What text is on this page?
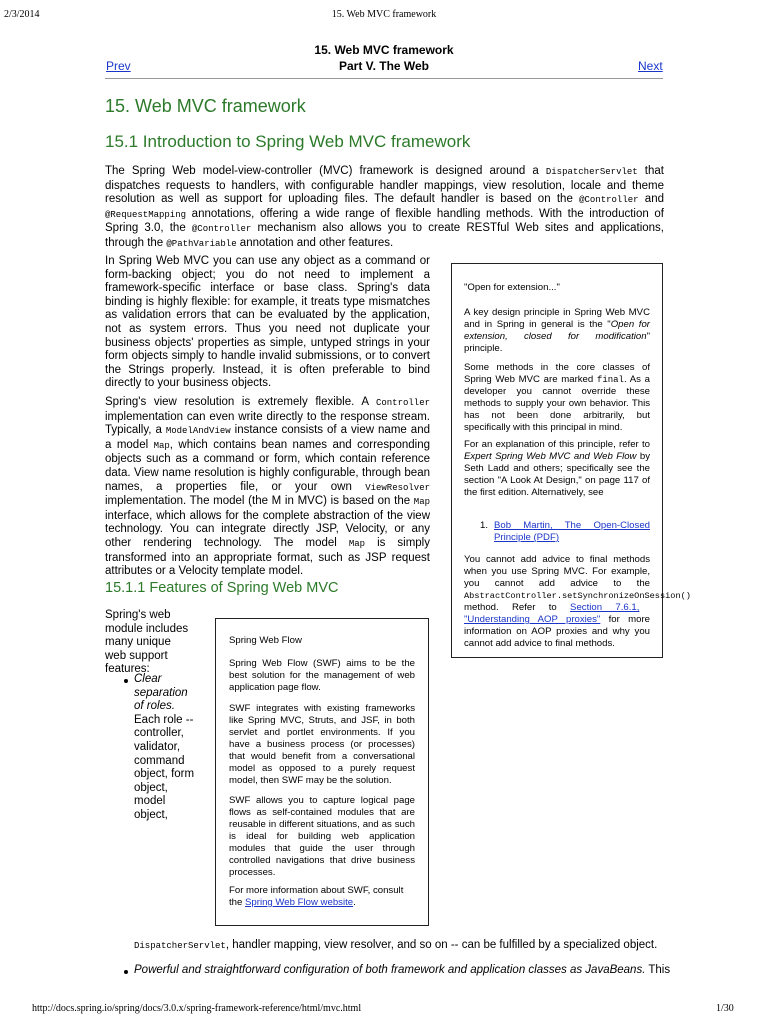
2/3/2014	15. Web MVC framework
15. Web MVC framework
Part V. The Web
Prev	Next
15. Web MVC framework
15.1 Introduction to Spring Web MVC framework
The Spring Web model-view-controller (MVC) framework is designed around a DispatcherServlet that dispatches requests to handlers, with configurable handler mappings, view resolution, locale and theme resolution as well as support for uploading files. The default handler is based on the @Controller and @RequestMapping annotations, offering a wide range of flexible handling methods. With the introduction of Spring 3.0, the @Controller mechanism also allows you to create RESTful Web sites and applications, through the @PathVariable annotation and other features.
In Spring Web MVC you can use any object as a command or form-backing object; you do not need to implement a framework-specific interface or base class. Spring's data binding is highly flexible: for example, it treats type mismatches as validation errors that can be evaluated by the application, not as system errors. Thus you need not duplicate your business objects' properties as simple, untyped strings in your form objects simply to handle invalid submissions, or to convert the Strings properly. Instead, it is often preferable to bind directly to your business objects.
Spring's view resolution is extremely flexible. A Controller implementation can even write directly to the response stream. Typically, a ModelAndView instance consists of a view name and a model Map, which contains bean names and corresponding objects such as a command or form, which contain reference data. View name resolution is highly configurable, through bean names, a properties file, or your own ViewResolver implementation. The model (the M in MVC) is based on the Map interface, which allows for the complete abstraction of the view technology. You can integrate directly JSP, Velocity, or any other rendering technology. The model Map is simply transformed into an appropriate format, such as JSP request attributes or a Velocity template model.
"Open for extension..."
A key design principle in Spring Web MVC and in Spring in general is the "Open for extension, closed for modification" principle.
Some methods in the core classes of Spring Web MVC are marked final. As a developer you cannot override these methods to supply your own behavior. This has not been done arbitrarily, but specifically with this principal in mind.
For an explanation of this principle, refer to Expert Spring Web MVC and Web Flow by Seth Ladd and others; specifically see the section "A Look At Design," on page 117 of the first edition. Alternatively, see
1. Bob Martin, The Open-Closed Principle (PDF)
You cannot add advice to final methods when you use Spring MVC. For example, you cannot add advice to the AbstractController.setSynchronizeOnSession() method. Refer to Section 7.6.1, "Understanding AOP proxies" for more information on AOP proxies and why you cannot add advice to final methods.
15.1.1 Features of Spring Web MVC
Spring's web module includes many unique web support features:
Clear separation of roles. Each role -- controller, validator, command object, form object, model object,
Spring Web Flow
Spring Web Flow (SWF) aims to be the best solution for the management of web application page flow.
SWF integrates with existing frameworks like Spring MVC, Struts, and JSF, in both servlet and portlet environments. If you have a business process (or processes) that would benefit from a conversational model as opposed to a purely request model, then SWF may be the solution.
SWF allows you to capture logical page flows as self-contained modules that are reusable in different situations, and as such is ideal for building web application modules that guide the user through controlled navigations that drive business processes.
For more information about SWF, consult the Spring Web Flow website.
DispatcherServlet, handler mapping, view resolver, and so on -- can be fulfilled by a specialized object.
Powerful and straightforward configuration of both framework and application classes as JavaBeans. This
http://docs.spring.io/spring/docs/3.0.x/spring-framework-reference/html/mvc.html	1/30
